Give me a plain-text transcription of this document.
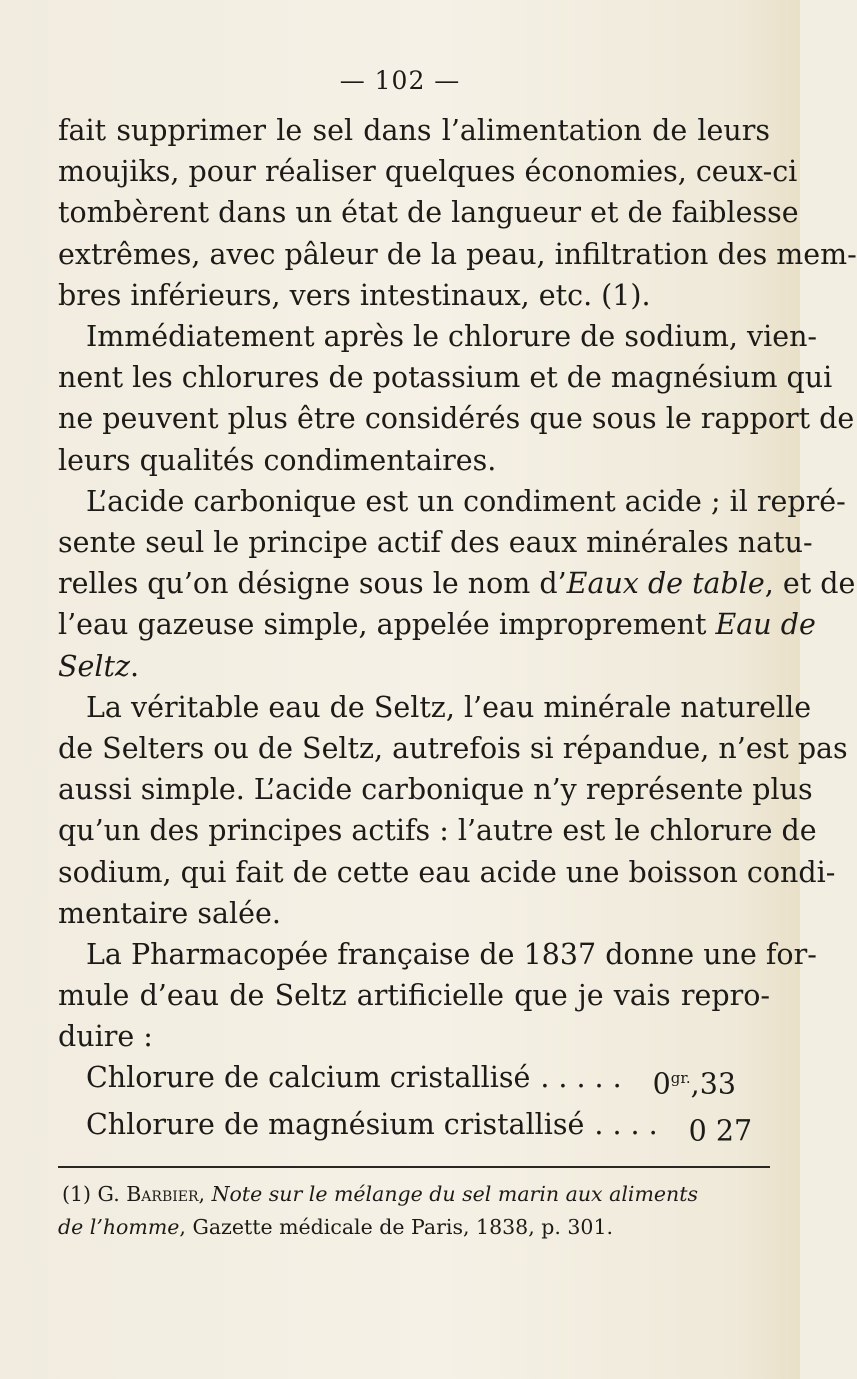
— 102 —
fait supprimer le sel dans l’alimentation de leurs
moujiks, pour réaliser quelques économies, ceux-ci
tombèrent dans un état de langueur et de faiblesse
extrêmes, avec pâleur de la peau, infiltration des mem-
bres inférieurs, vers intestinaux, etc. (1).
Immédiatement après le chlorure de sodium, vien-
nent les chlorures de potassium et de magnésium qui
ne peuvent plus être considérés que sous le rapport de
leurs qualités condimentaires.
L’acide carbonique est un condiment acide ; il repré-
sente seul le principe actif des eaux minérales natu-
relles qu’on désigne sous le nom d’Eaux de table, et de
l’eau gazeuse simple, appelée improprement Eau de
Seltz.
La véritable eau de Seltz, l’eau minérale naturelle
de Selters ou de Seltz, autrefois si répandue, n’est pas
aussi simple. L’acide carbonique n’y représente plus
qu’un des principes actifs : l’autre est le chlorure de
sodium, qui fait de cette eau acide une boisson condi-
mentaire salée.
La Pharmacopée française de 1837 donne une for-
mule d’eau de Seltz artificielle que je vais repro-
duire :
Chlorure de calcium cristallisé ..... $0^{gr.},33$
Chlorure de magnésium cristallisé .... 0 27
(1) G. Barbier, Note sur le mélange du sel marin aux aliments
de l’homme, Gazette médicale de Paris, 1838, p. 301.
